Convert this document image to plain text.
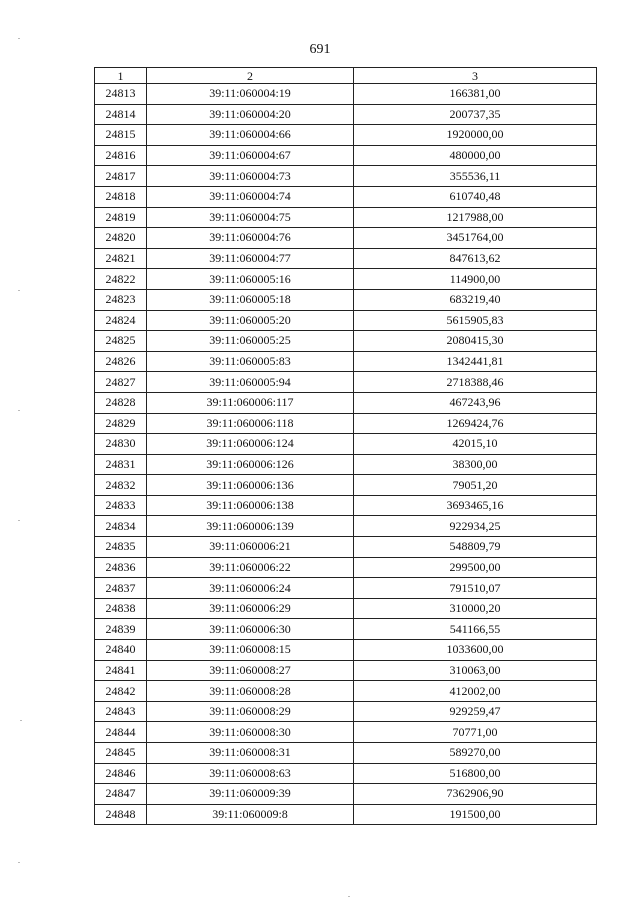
691
1	2	3
24813	39:11:060004:19	166381,00
24814	39:11:060004:20	200737,35
24815	39:11:060004:66	1920000,00
24816	39:11:060004:67	480000,00
24817	39:11:060004:73	355536,11
24818	39:11:060004:74	610740,48
24819	39:11:060004:75	1217988,00
24820	39:11:060004:76	3451764,00
24821	39:11:060004:77	847613,62
24822	39:11:060005:16	114900,00
24823	39:11:060005:18	683219,40
24824	39:11:060005:20	5615905,83
24825	39:11:060005:25	2080415,30
24826	39:11:060005:83	1342441,81
24827	39:11:060005:94	2718388,46
24828	39:11:060006:117	467243,96
24829	39:11:060006:118	1269424,76
24830	39:11:060006:124	42015,10
24831	39:11:060006:126	38300,00
24832	39:11:060006:136	79051,20
24833	39:11:060006:138	3693465,16
24834	39:11:060006:139	922934,25
24835	39:11:060006:21	548809,79
24836	39:11:060006:22	299500,00
24837	39:11:060006:24	791510,07
24838	39:11:060006:29	310000,20
24839	39:11:060006:30	541166,55
24840	39:11:060008:15	1033600,00
24841	39:11:060008:27	310063,00
24842	39:11:060008:28	412002,00
24843	39:11:060008:29	929259,47
24844	39:11:060008:30	70771,00
24845	39:11:060008:31	589270,00
24846	39:11:060008:63	516800,00
24847	39:11:060009:39	7362906,90
24848	39:11:060009:8	191500,00
